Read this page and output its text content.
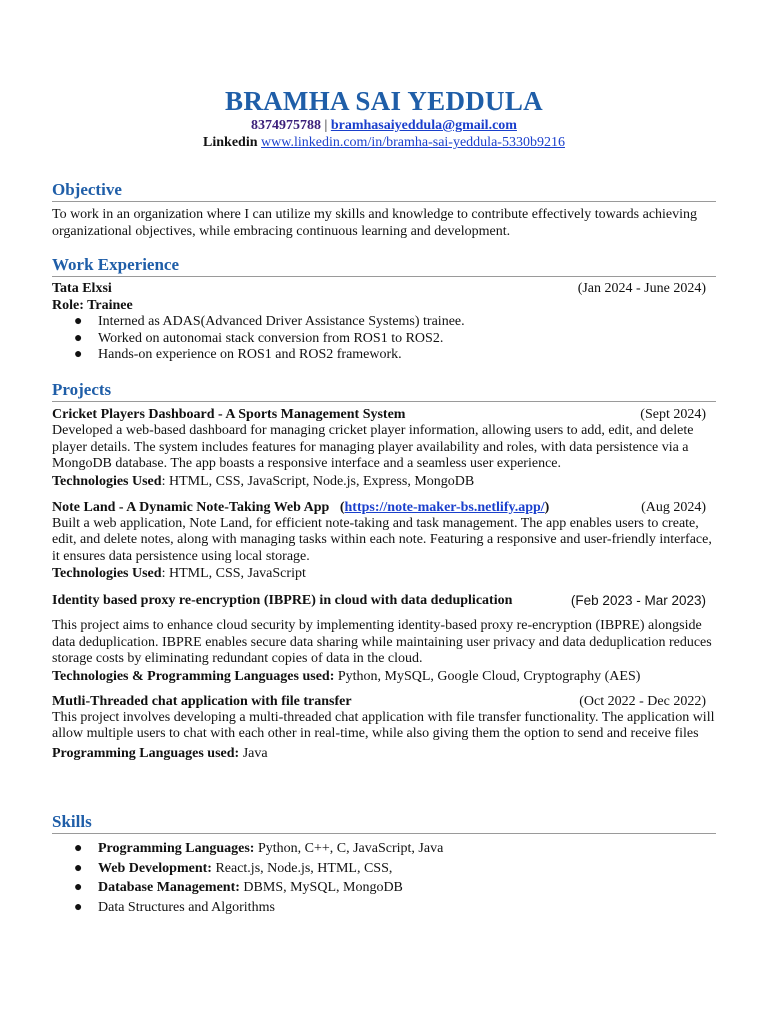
BRAMHA SAI YEDDULA
8374975788 | bramhasaiyeddula@gmail.com
Linkedin www.linkedin.com/in/bramha-sai-yeddula-5330b9216
Objective

To work in an organization where I can utilize my skills and knowledge to contribute effectively towards achieving organizational objectives, while embracing continuous learning and development.

Work Experience
Tata Elxsi	(Jan 2024 - June 2024)
Role: Trainee
● Interned as ADAS(Advanced Driver Assistance Systems) trainee.
● Worked on autonomai stack conversion from ROS1 to ROS2.
● Hands-on experience on ROS1 and ROS2 framework.
Projects
Cricket Players Dashboard - A Sports Management System	(Sept 2024)

Developed a web-based dashboard for managing cricket player information, allowing users to add, edit, and delete player details. The system includes features for managing player availability and roles, with data persistence via a MongoDB database. The app boasts a responsive interface and a seamless user experience.

Technologies Used: HTML, CSS, JavaScript, Node.js, Express, MongoDB
Note Land - A Dynamic Note-Taking Web App (https://note-maker-bs.netlify.app/)	(Aug 2024)

Built a web application, Note Land, for efficient note-taking and task management. The app enables users to create, edit, and delete notes, along with managing tasks within each note. Featuring a responsive and user-friendly interface, it ensures data persistence using local storage.

Technologies Used: HTML, CSS, JavaScript
Identity based proxy re-encryption (IBPRE) in cloud with data deduplication	(Feb 2023 - Mar 2023)

This project aims to enhance cloud security by implementing identity-based proxy re-encryption (IBPRE) alongside data deduplication. IBPRE enables secure data sharing while maintaining user privacy and data deduplication reduces storage costs by eliminating redundant copies of data in the cloud.

Technologies & Programming Languages used: Python, MySQL, Google Cloud, Cryptography (AES)
Mutli-Threaded chat application with file transfer	(Oct 2022 - Dec 2022)

This project involves developing a multi-threaded chat application with file transfer functionality. The application will allow multiple users to chat with each other in real-time, while also giving them the option to send and receive files

Programming Languages used: Java
Skills
● Programming Languages: Python, C++, C, JavaScript, Java
● Web Development: React.js, Node.js, HTML, CSS,
● Database Management: DBMS, MySQL, MongoDB
● Data Structures and Algorithms
